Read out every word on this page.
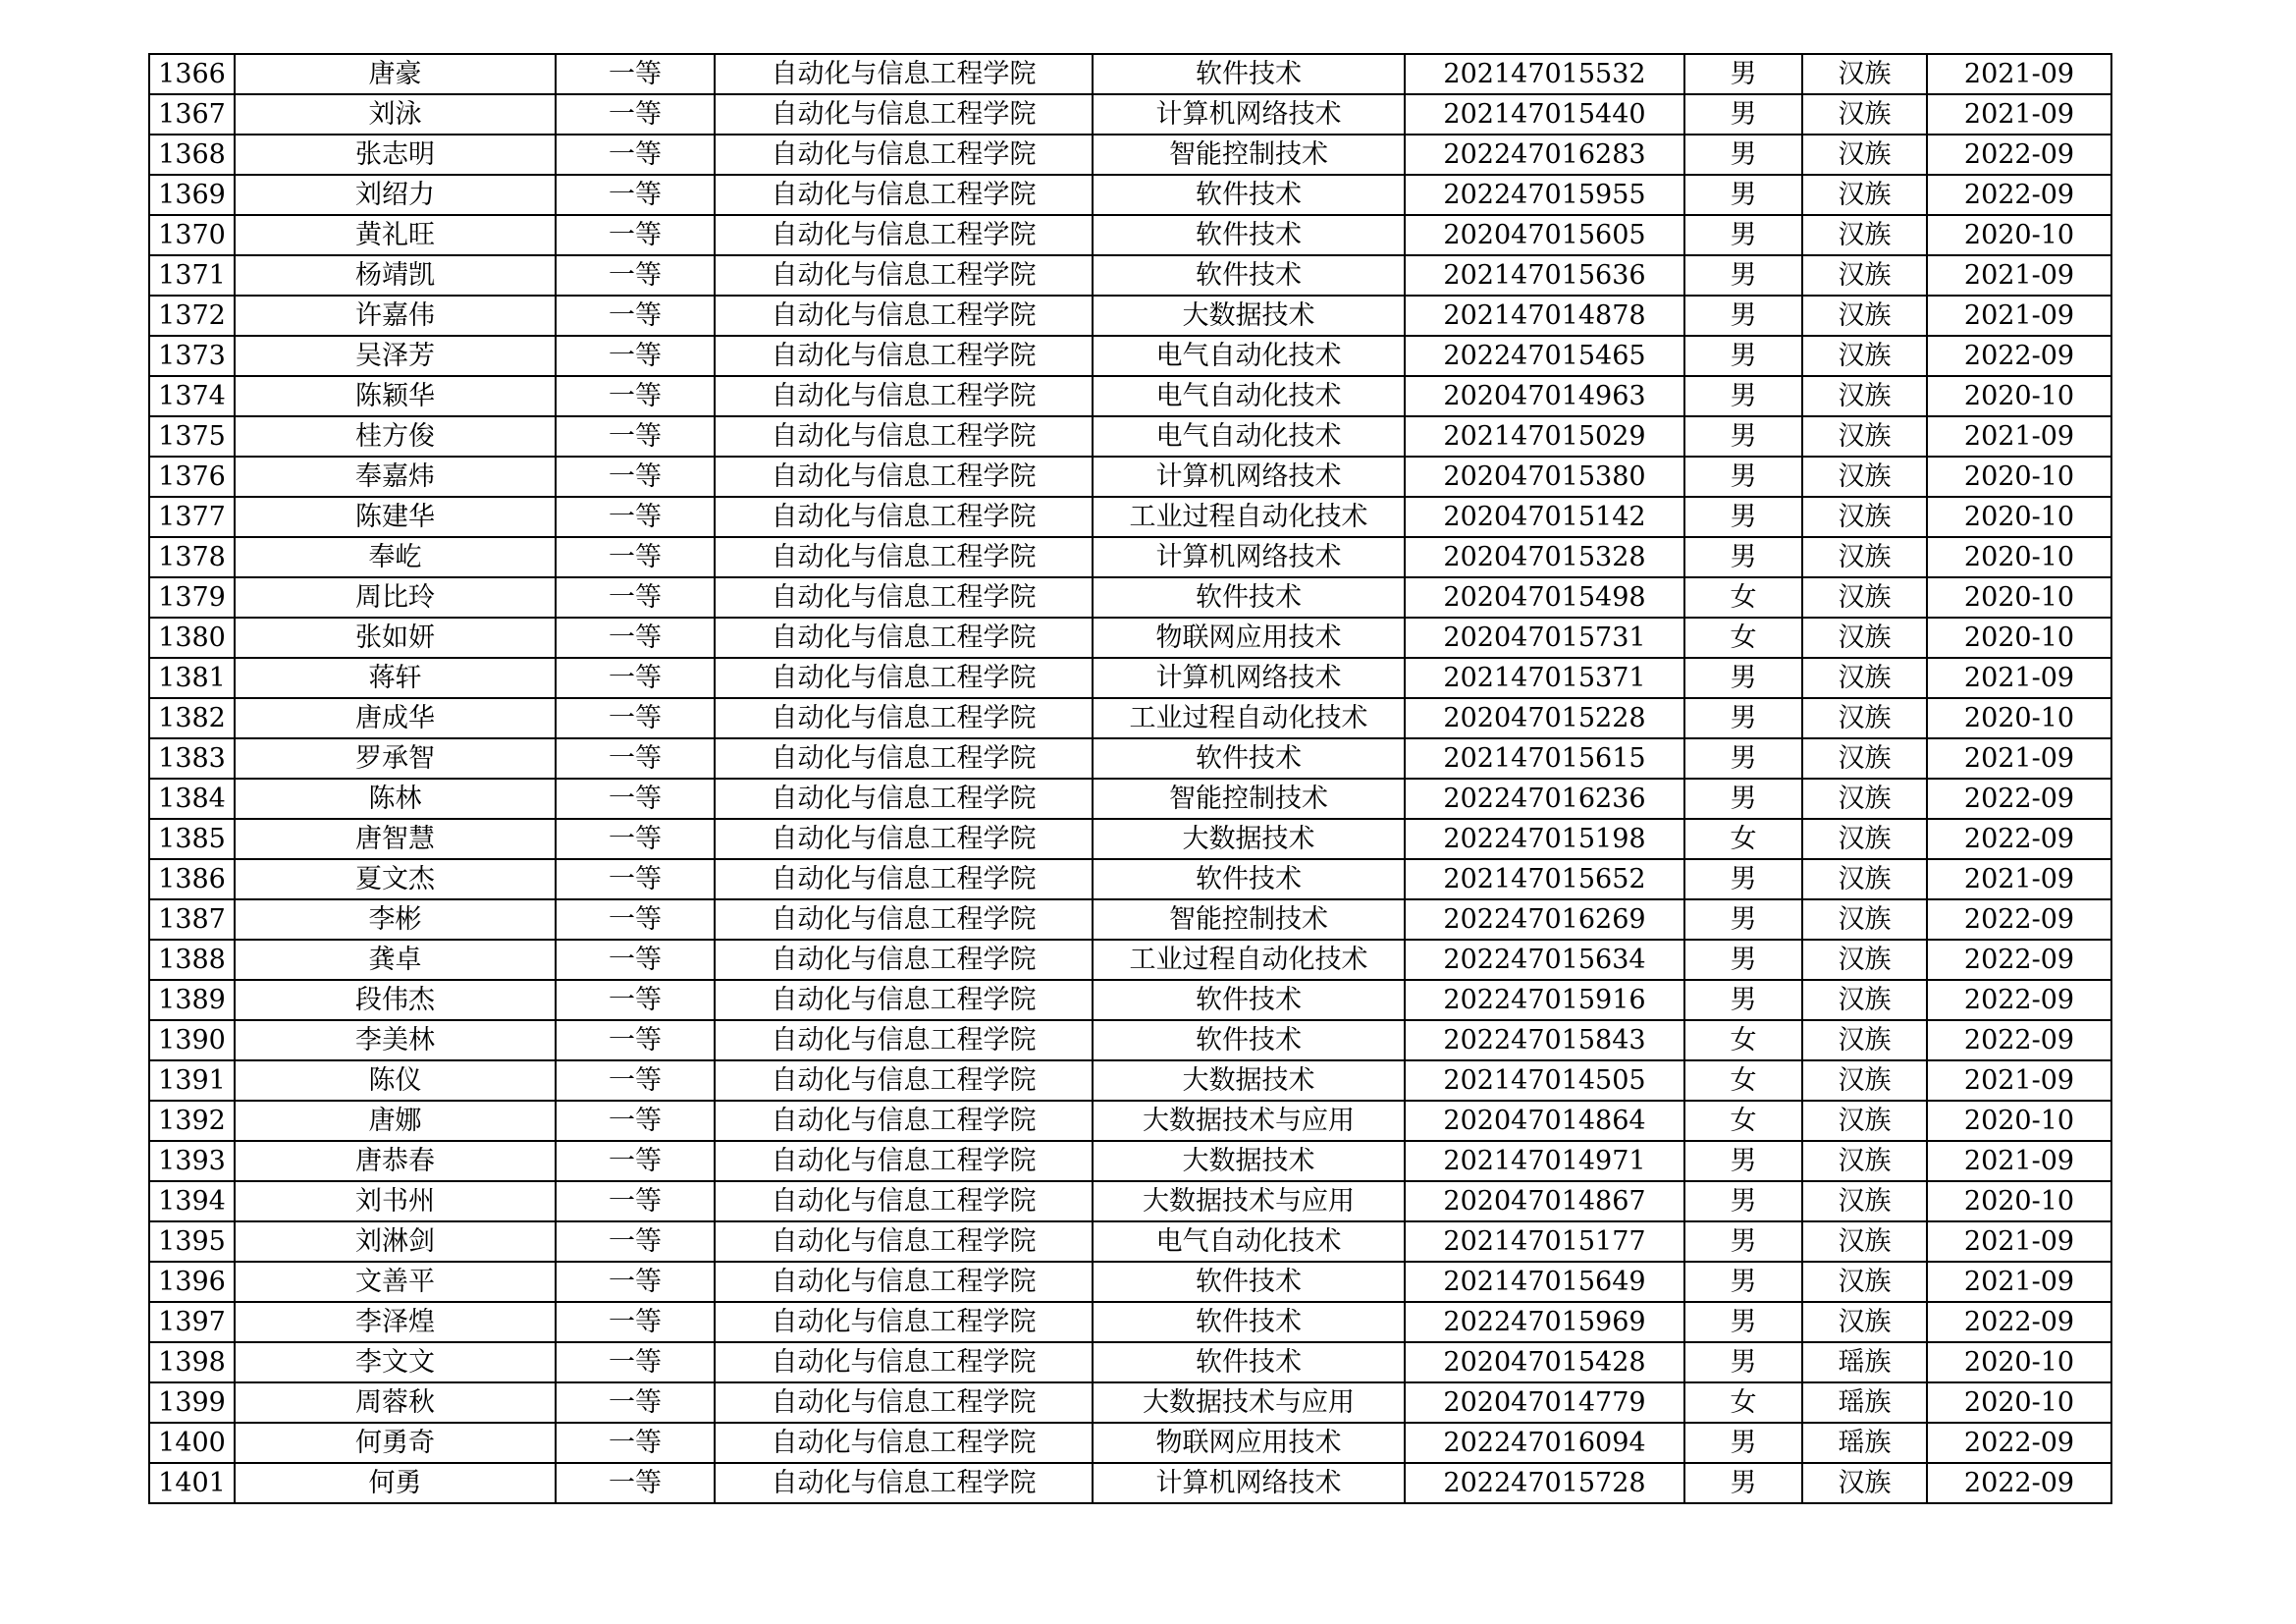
1366	唐豪	一等	自动化与信息工程学院	软件技术	202147015532	男	汉族	2021-09
1367	刘泳	一等	自动化与信息工程学院	计算机网络技术	202147015440	男	汉族	2021-09
1368	张志明	一等	自动化与信息工程学院	智能控制技术	202247016283	男	汉族	2022-09
1369	刘绍力	一等	自动化与信息工程学院	软件技术	202247015955	男	汉族	2022-09
1370	黄礼旺	一等	自动化与信息工程学院	软件技术	202047015605	男	汉族	2020-10
1371	杨靖凯	一等	自动化与信息工程学院	软件技术	202147015636	男	汉族	2021-09
1372	许嘉伟	一等	自动化与信息工程学院	大数据技术	202147014878	男	汉族	2021-09
1373	吴泽芳	一等	自动化与信息工程学院	电气自动化技术	202247015465	男	汉族	2022-09
1374	陈颖华	一等	自动化与信息工程学院	电气自动化技术	202047014963	男	汉族	2020-10
1375	桂方俊	一等	自动化与信息工程学院	电气自动化技术	202147015029	男	汉族	2021-09
1376	奉嘉炜	一等	自动化与信息工程学院	计算机网络技术	202047015380	男	汉族	2020-10
1377	陈建华	一等	自动化与信息工程学院	工业过程自动化技术	202047015142	男	汉族	2020-10
1378	奉屹	一等	自动化与信息工程学院	计算机网络技术	202047015328	男	汉族	2020-10
1379	周比玲	一等	自动化与信息工程学院	软件技术	202047015498	女	汉族	2020-10
1380	张如妍	一等	自动化与信息工程学院	物联网应用技术	202047015731	女	汉族	2020-10
1381	蒋轩	一等	自动化与信息工程学院	计算机网络技术	202147015371	男	汉族	2021-09
1382	唐成华	一等	自动化与信息工程学院	工业过程自动化技术	202047015228	男	汉族	2020-10
1383	罗承智	一等	自动化与信息工程学院	软件技术	202147015615	男	汉族	2021-09
1384	陈林	一等	自动化与信息工程学院	智能控制技术	202247016236	男	汉族	2022-09
1385	唐智慧	一等	自动化与信息工程学院	大数据技术	202247015198	女	汉族	2022-09
1386	夏文杰	一等	自动化与信息工程学院	软件技术	202147015652	男	汉族	2021-09
1387	李彬	一等	自动化与信息工程学院	智能控制技术	202247016269	男	汉族	2022-09
1388	龚卓	一等	自动化与信息工程学院	工业过程自动化技术	202247015634	男	汉族	2022-09
1389	段伟杰	一等	自动化与信息工程学院	软件技术	202247015916	男	汉族	2022-09
1390	李美林	一等	自动化与信息工程学院	软件技术	202247015843	女	汉族	2022-09
1391	陈仪	一等	自动化与信息工程学院	大数据技术	202147014505	女	汉族	2021-09
1392	唐娜	一等	自动化与信息工程学院	大数据技术与应用	202047014864	女	汉族	2020-10
1393	唐恭春	一等	自动化与信息工程学院	大数据技术	202147014971	男	汉族	2021-09
1394	刘书州	一等	自动化与信息工程学院	大数据技术与应用	202047014867	男	汉族	2020-10
1395	刘淋剑	一等	自动化与信息工程学院	电气自动化技术	202147015177	男	汉族	2021-09
1396	文善平	一等	自动化与信息工程学院	软件技术	202147015649	男	汉族	2021-09
1397	李泽煌	一等	自动化与信息工程学院	软件技术	202247015969	男	汉族	2022-09
1398	李文文	一等	自动化与信息工程学院	软件技术	202047015428	男	瑶族	2020-10
1399	周蓉秋	一等	自动化与信息工程学院	大数据技术与应用	202047014779	女	瑶族	2020-10
1400	何勇奇	一等	自动化与信息工程学院	物联网应用技术	202247016094	男	瑶族	2022-09
1401	何勇	一等	自动化与信息工程学院	计算机网络技术	202247015728	男	汉族	2022-09
